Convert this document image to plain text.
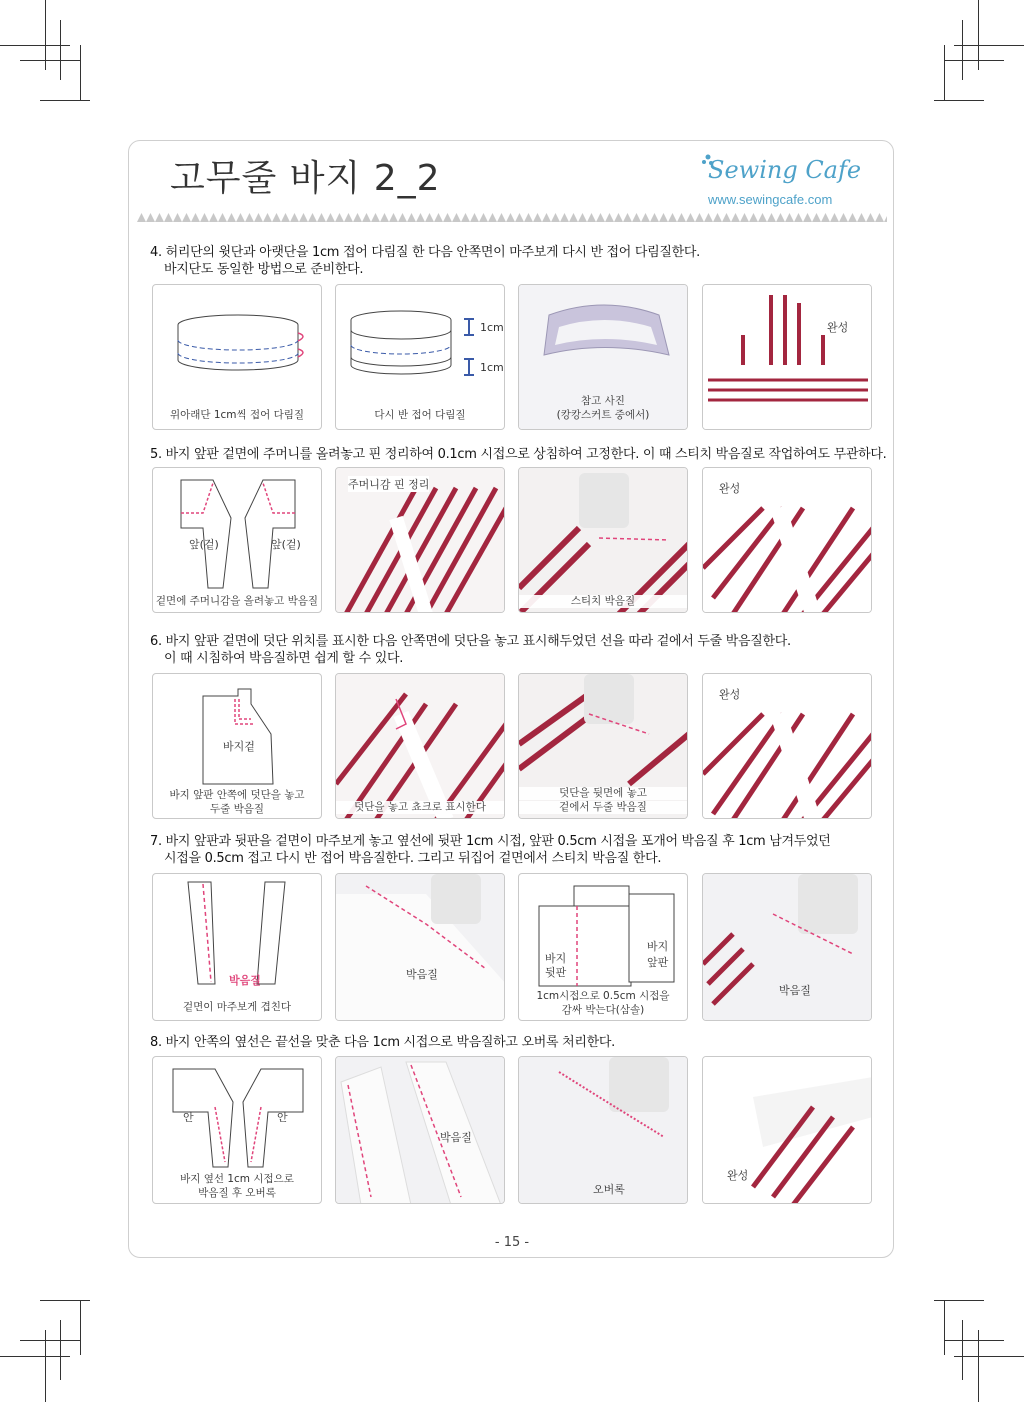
고무줄 바지 2_2	Sewing Cafe
www.sewingcafe.com
4. 허리단의 윗단과 아랫단을 1cm 접어 다림질 한 다음 안쪽면이 마주보게 다시 반 접어 다림질한다.
바지단도 동일한 방법으로 준비한다.
위아래단 1cm씩 접어 다림질
1cm
1cm
다시 반 접어 다림질
참고 사진
(캉캉스커트 중에서)
완성
5. 바지 앞판 겉면에 주머니를 올려놓고 핀 정리하여 0.1cm 시접으로 상침하여 고정한다. 이 때 스티치 박음질로 작업하여도 무관하다.
앞(겉)	앞(겉)
겉면에 주머니감을 올려놓고 박음질
주머니감 핀 정리
스티치 박음질
완성
6. 바지 앞판 겉면에 덧단 위치를 표시한 다음 안쪽면에 덧단을 놓고 표시해두었던 선을 따라 겉에서 두줄 박음질한다.
이 때 시침하여 박음질하면 쉽게 할 수 있다.
바지겉
바지 앞판 안쪽에 덧단을 놓고
두줄 박음질	덧단을 놓고 쵸크로 표시한다
덧단을 뒷면에 놓고
겉에서 두줄 박음질
완성
7. 바지 앞판과 뒷판을 겉면이 마주보게 놓고 옆선에 뒷판 1cm 시접, 앞판 0.5cm 시접을 포개어 박음질 후 1cm 남겨두었던
시접을 0.5cm 접고 다시 반 접어 박음질한다. 그리고 뒤집어 겉면에서 스티치 박음질 한다.
박음질
겉면이 마주보게 겹친다
박음질
바지
뒷판
바지
앞판
1cm시접으로 0.5cm 시접을
감싸 박는다(삼솔)
박음질
8. 바지 안쪽의 옆선은 끝선을 맞춘 다음 1cm 시접으로 박음질하고 오버록 처리한다.
안	안
바지 옆선 1cm 시접으로
박음질 후 오버록
박음질
오버록
완성
- 15 -
